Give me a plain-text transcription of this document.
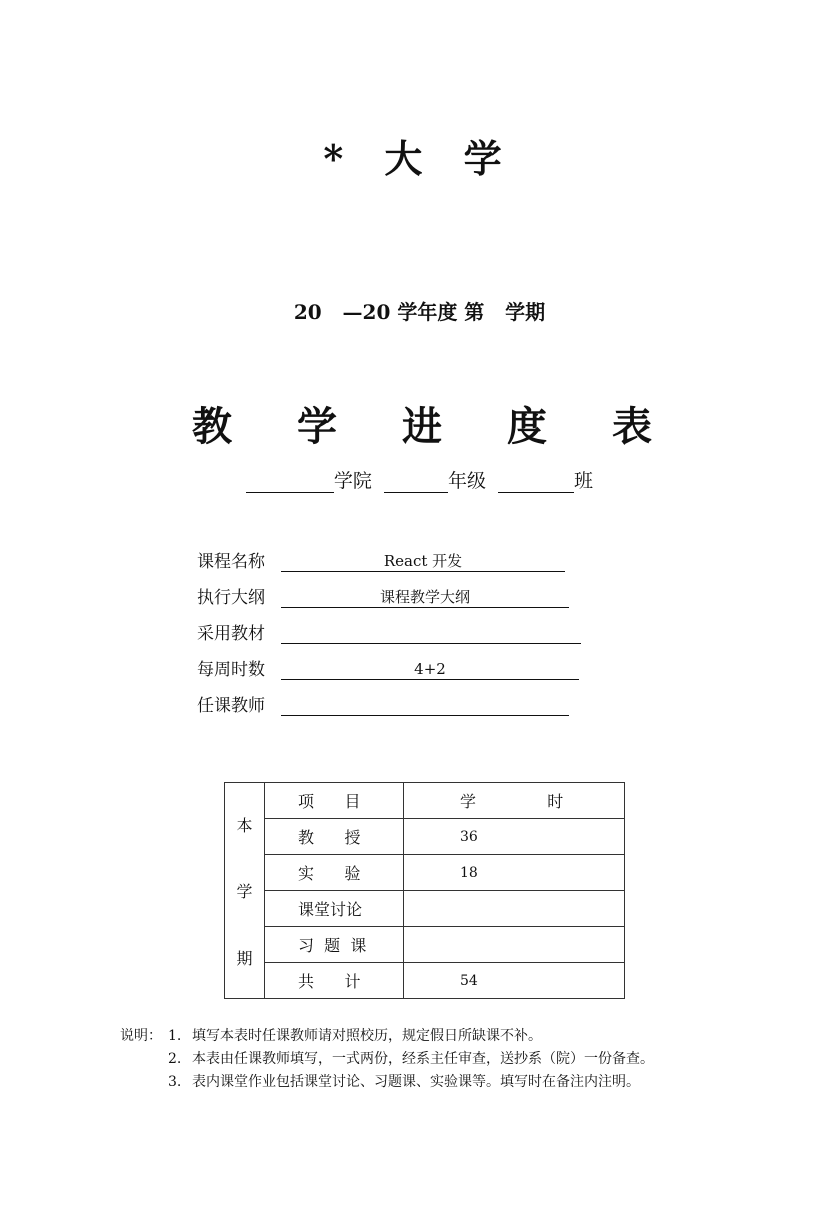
* 大 学
20   —20 学年度 第   学期
教 学 进 度 表
学院	年级	班
课程名称	React 开发
执行大纲	课程教学大纲
采用教材
每周时数	4+2
任课教师
本
学
期	项      目	学              时

	教      授	36

	实      验	18

	课堂讨论	

	习  题  课	

	共      计	54
说明： 1. 填写本表时任课教师请对照校历，规定假日所缺课不补。
2. 本表由任课教师填写，一式两份，经系主任审查，送抄系（院）一份备查。
3. 表内课堂作业包括课堂讨论、习题课、实验课等。填写时在备注内注明。
